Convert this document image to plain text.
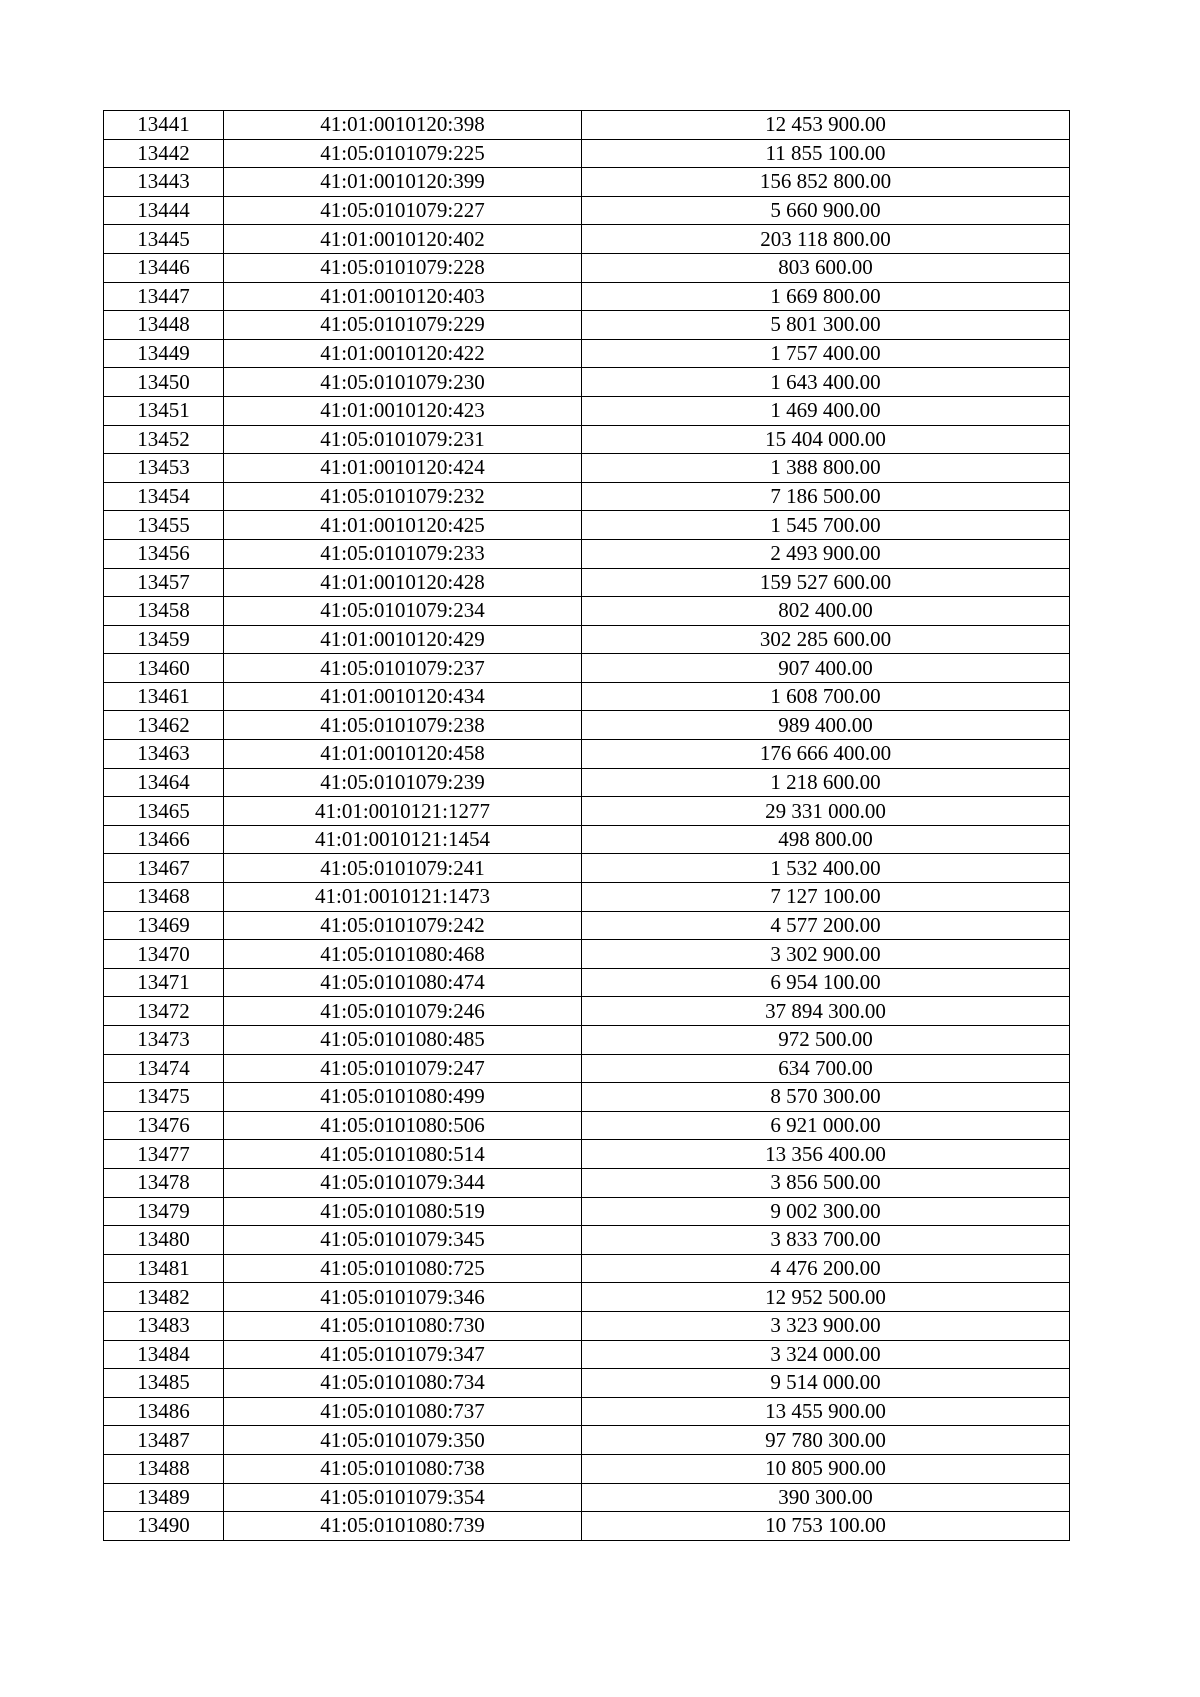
13441	41:01:0010120:398	12 453 900.00
13442	41:05:0101079:225	11 855 100.00
13443	41:01:0010120:399	156 852 800.00
13444	41:05:0101079:227	5 660 900.00
13445	41:01:0010120:402	203 118 800.00
13446	41:05:0101079:228	803 600.00
13447	41:01:0010120:403	1 669 800.00
13448	41:05:0101079:229	5 801 300.00
13449	41:01:0010120:422	1 757 400.00
13450	41:05:0101079:230	1 643 400.00
13451	41:01:0010120:423	1 469 400.00
13452	41:05:0101079:231	15 404 000.00
13453	41:01:0010120:424	1 388 800.00
13454	41:05:0101079:232	7 186 500.00
13455	41:01:0010120:425	1 545 700.00
13456	41:05:0101079:233	2 493 900.00
13457	41:01:0010120:428	159 527 600.00
13458	41:05:0101079:234	802 400.00
13459	41:01:0010120:429	302 285 600.00
13460	41:05:0101079:237	907 400.00
13461	41:01:0010120:434	1 608 700.00
13462	41:05:0101079:238	989 400.00
13463	41:01:0010120:458	176 666 400.00
13464	41:05:0101079:239	1 218 600.00
13465	41:01:0010121:1277	29 331 000.00
13466	41:01:0010121:1454	498 800.00
13467	41:05:0101079:241	1 532 400.00
13468	41:01:0010121:1473	7 127 100.00
13469	41:05:0101079:242	4 577 200.00
13470	41:05:0101080:468	3 302 900.00
13471	41:05:0101080:474	6 954 100.00
13472	41:05:0101079:246	37 894 300.00
13473	41:05:0101080:485	972 500.00
13474	41:05:0101079:247	634 700.00
13475	41:05:0101080:499	8 570 300.00
13476	41:05:0101080:506	6 921 000.00
13477	41:05:0101080:514	13 356 400.00
13478	41:05:0101079:344	3 856 500.00
13479	41:05:0101080:519	9 002 300.00
13480	41:05:0101079:345	3 833 700.00
13481	41:05:0101080:725	4 476 200.00
13482	41:05:0101079:346	12 952 500.00
13483	41:05:0101080:730	3 323 900.00
13484	41:05:0101079:347	3 324 000.00
13485	41:05:0101080:734	9 514 000.00
13486	41:05:0101080:737	13 455 900.00
13487	41:05:0101079:350	97 780 300.00
13488	41:05:0101080:738	10 805 900.00
13489	41:05:0101079:354	390 300.00
13490	41:05:0101080:739	10 753 100.00
